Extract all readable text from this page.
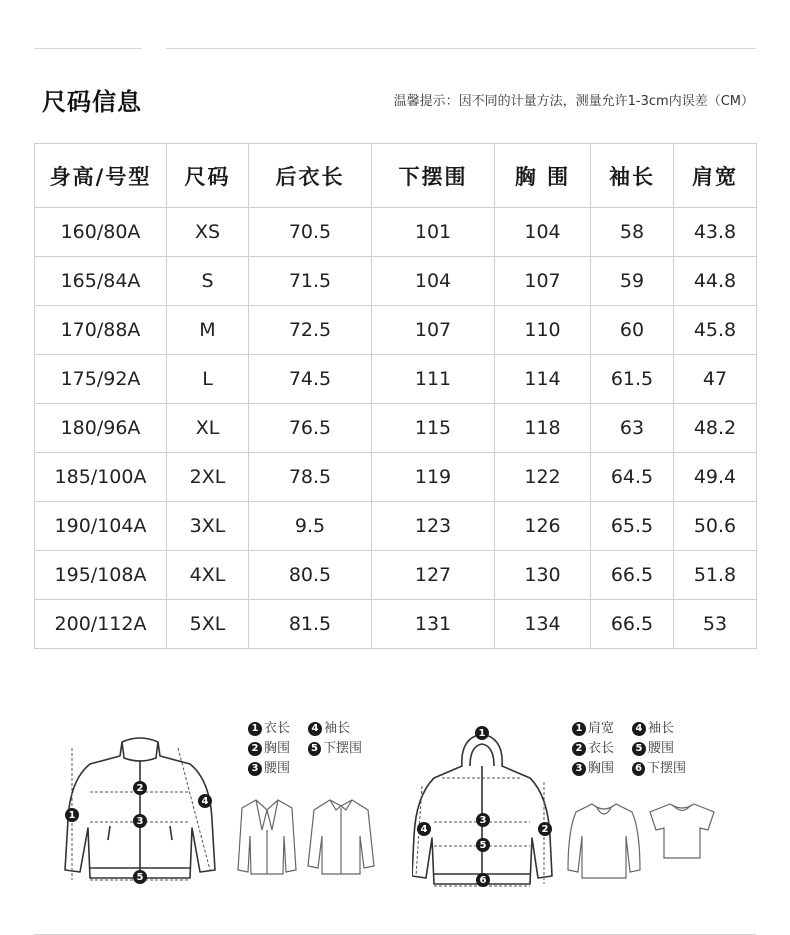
尺码信息	温馨提示：因不同的计量方法，测量允许1-3cm内误差（CM）
身高/号型	尺码	后衣长	下摆围	胸 围	袖长	肩宽
160/80A	XS	70.5	101	104	58	43.8
165/84A	S	71.5	104	107	59	44.8
170/88A	M	72.5	107	110	60	45.8
175/92A	L	74.5	111	114	61.5	47
180/96A	XL	76.5	115	118	63	48.2
185/100A	2XL	78.5	119	122	64.5	49.4
190/104A	3XL	9.5	123	126	65.5	50.6
195/108A	4XL	80.5	127	130	66.5	51.8
200/112A	5XL	81.5	131	134	66.5	53
1
2
3
4
5
1 衣长	4 袖长
2 胸围	5 下摆围
3 腰围
1
2
3
4
5
6
1 肩宽	4 袖长
2 衣长	5 腰围
3 胸围	6 下摆围
